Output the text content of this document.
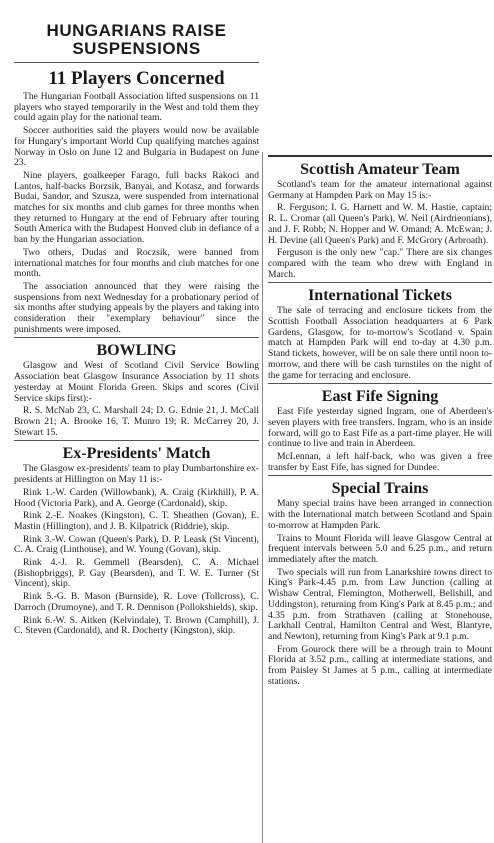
HUNGARIANS RAISE
SUSPENSIONS
11 Players Concerned

The Hungarian Football Association lifted suspensions on 11 players who stayed temporarily in the West and told them they could again play for the national team.

Soccer authorities said the players would now be available for Hungary's important World Cup qualifying matches against Norway in Oslo on June 12 and Bulgaria in Budapest on June 23.

Nine players, goalkeeper Farago, full backs Rakoci and Lantos, half-backs Borzsik, Banyai, and Kotasz, and forwards Budai, Sandor, and Szusza, were suspended from international matches for six months and club games for three months when they returned to Hungary at the end of February after touring South America with the Budapest Honved club in defiance of a ban by the Hungarian association.

Two others, Dudas and Roczsik, were banned from international matches for four months and club matches for one month.

The association announced that they were raising the suspensions from next Wednesday for a probationary period of six months after studying appeals by the players and taking into consideration their "exemplary behaviour" since the punishments were imposed.

BOWLING

Glasgow and West of Scotland Civil Service Bowling Association beat Glasgow Insurance Association by 11 shots yesterday at Mount Florida Green. Skips and scores (Civil Service skips first):-

R. S. McNab 23, C. Marshall 24; D. G. Ednie 21, J. McCall Brown 21; A. Brooke 16, T. Munro 19; R. McCarrey 20, J. Stewart 15.

Ex-Presidents' Match

The Glasgow ex-presidents' team to play Dumbartonshire ex-presidents at Hillington on May 11 is:-

Rink 1.-W. Carden (Willowbank), A. Craig (Kirkhill), P. A. Hood (Victoria Park), and A. George (Cardonald), skip.

Rink 2.-E. Noakes (Kingston), C. T. Sheathen (Govan), E. Mastin (Hillington), and J. B. Kilpatrick (Riddrie), skip.

Rink 3.-W. Cowan (Queen's Park), D. P. Leask (St Vincent), C. A. Craig (Linthouse), and W. Young (Govan), skip.

Rink 4.-J. R. Gemmell (Bearsden), C. A. Michael (Bishopbriggs), P. Gay (Bearsden), and T. W. E. Turner (St Vincent), skip.

Rink 5.-G. B. Mason (Burnside), R. Love (Tollcross), C. Darroch (Drumoyne), and T. R. Dennison (Pollokshields), skip.

Rink 6.-W. S. Aitken (Kelvindale), T. Brown (Camphill), J. C. Steven (Cardonald), and R. Docherty (Kingston), skip.

Scottish Amateur Team

Scotland's team for the amateur international against Germany at Hampden Park on May 15 is:-

R. Ferguson; I. G. Harnett and W. M. Hastie, captain; R. L. Cromar (all Queen's Park), W. Neil (Airdrieonians), and J. F. Robb; N. Hopper and W. Omand; A. McEwan; J. H. Devine (all Queen's Park) and F. McGrory (Arbroath).

Ferguson is the only new "cap." There are six changes compared with the team who drew with England in March.

International Tickets

The sale of terracing and enclosure tickets from the Scottish Football Association headquarters at 6 Park Gardens, Glasgow, for to-morrow's Scotland v. Spain match at Hampden Park will end to-day at 4.30 p.m. Stand tickets, however, will be on sale there until noon to-morrow, and there will be cash turnstiles on the night of the game for terracing and enclosure.

East Fife Signing

East Fife yesterday signed Ingram, one of Aberdeen's seven players with free transfers. Ingram, who is an inside forward, will go to East Fife as a part-time player. He will continue to live and train in Aberdeen.

McLennan, a left half-back, who was given a free transfer by East Fife, has signed for Dundee.

Special Trains

Many special trains have been arranged in connection with the International match between Scotland and Spain to-morrow at Hampden Park.

Trains to Mount Florida will leave Glasgow Central at frequent intervals between 5.0 and 6.25 p.m., and return immediately after the match.

Two specials will run from Lanarkshire towns direct to King's Park-4.45 p.m. from Law Junction (calling at Wishaw Central, Flemington, Motherwell, Bellshill, and Uddingston), returning from King's Park at 8.45 p.m.; and 4.35 p.m. from Strathaven (calling at Stonehouse, Larkhall Central, Hamilton Central and West, Blantyre, and Newton), returning from King's Park at 9.1 p.m.

From Gourock there will be a through train to Mount Florida at 3.52 p.m., calling at intermediate stations, and from Paisley St James at 5 p.m., calling at intermediate stations.
